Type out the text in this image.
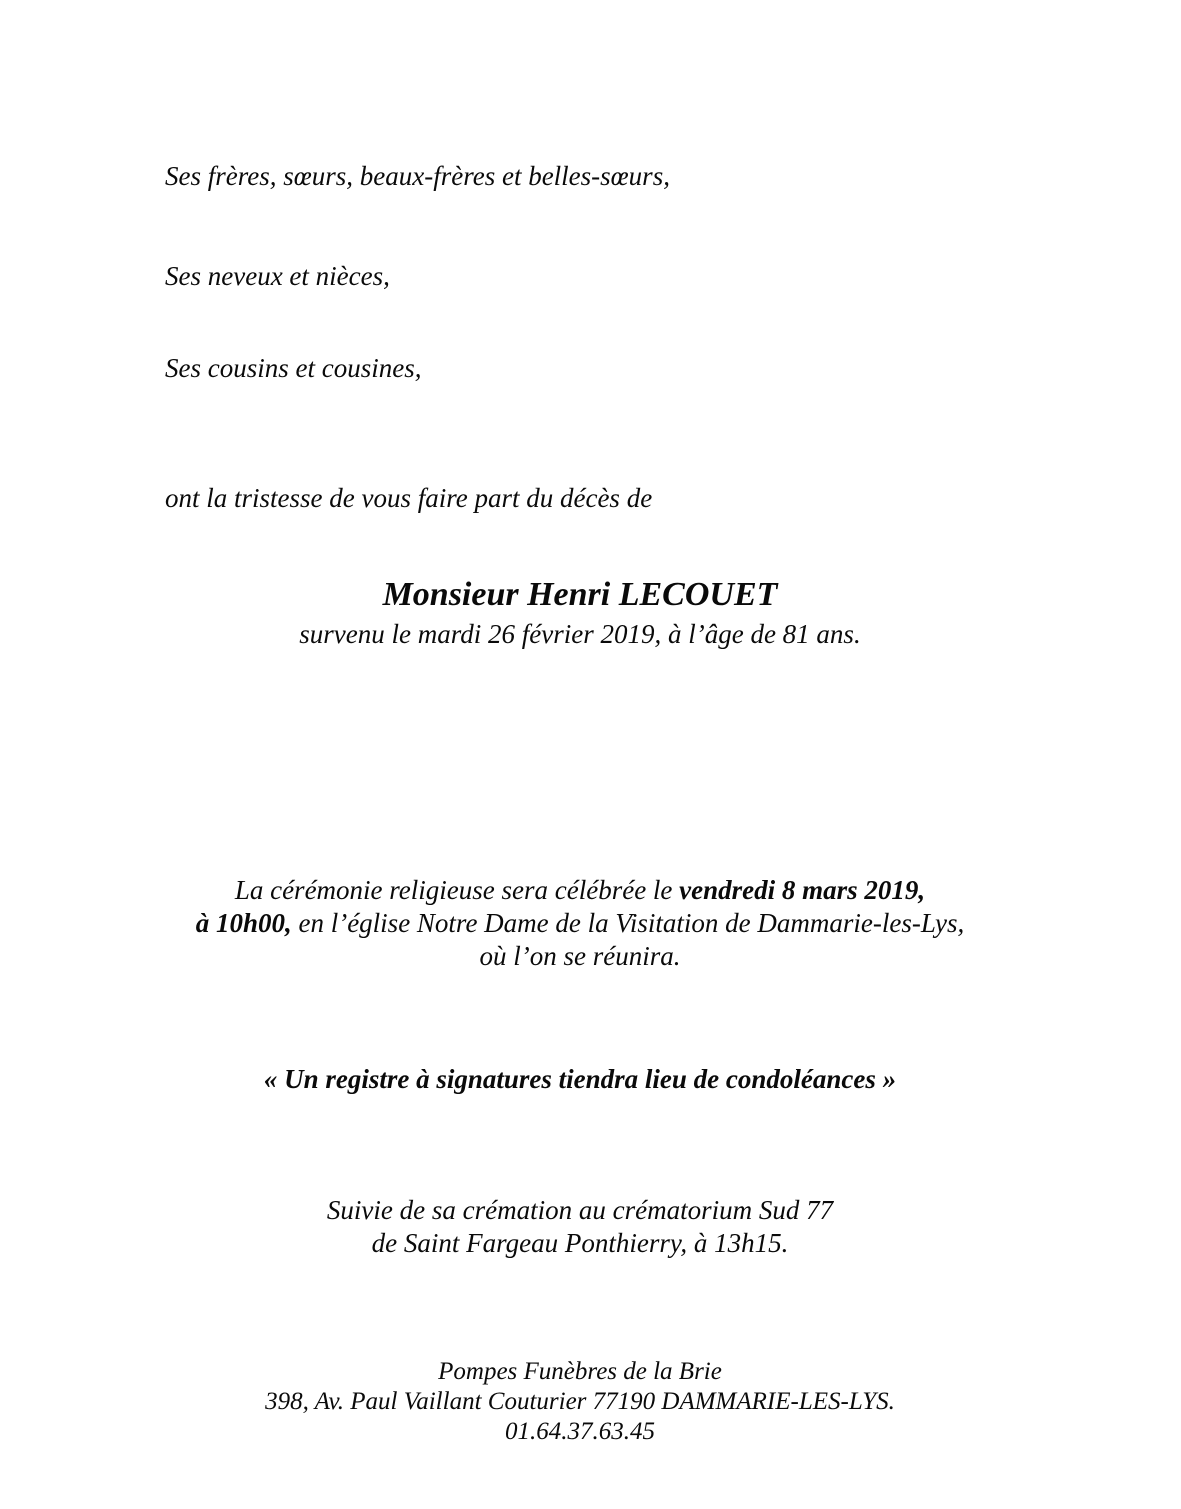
Ses frères, sœurs, beaux-frères et belles-sœurs,
Ses neveux et nièces,
Ses cousins et cousines,
ont la tristesse de vous faire part du décès de
Monsieur Henri LECOUET
survenu le mardi 26 février 2019, à l’âge de 81 ans.
La cérémonie religieuse sera célébrée le vendredi 8 mars 2019,
à 10h00, en l’église Notre Dame de la Visitation de Dammarie-les-Lys,
où l’on se réunira.
« Un registre à signatures tiendra lieu de condoléances »
Suivie de sa crémation au crématorium Sud 77
de Saint Fargeau Ponthierry, à 13h15.
Pompes Funèbres de la Brie
398, Av. Paul Vaillant Couturier 77190 DAMMARIE-LES-LYS.
01.64.37.63.45
